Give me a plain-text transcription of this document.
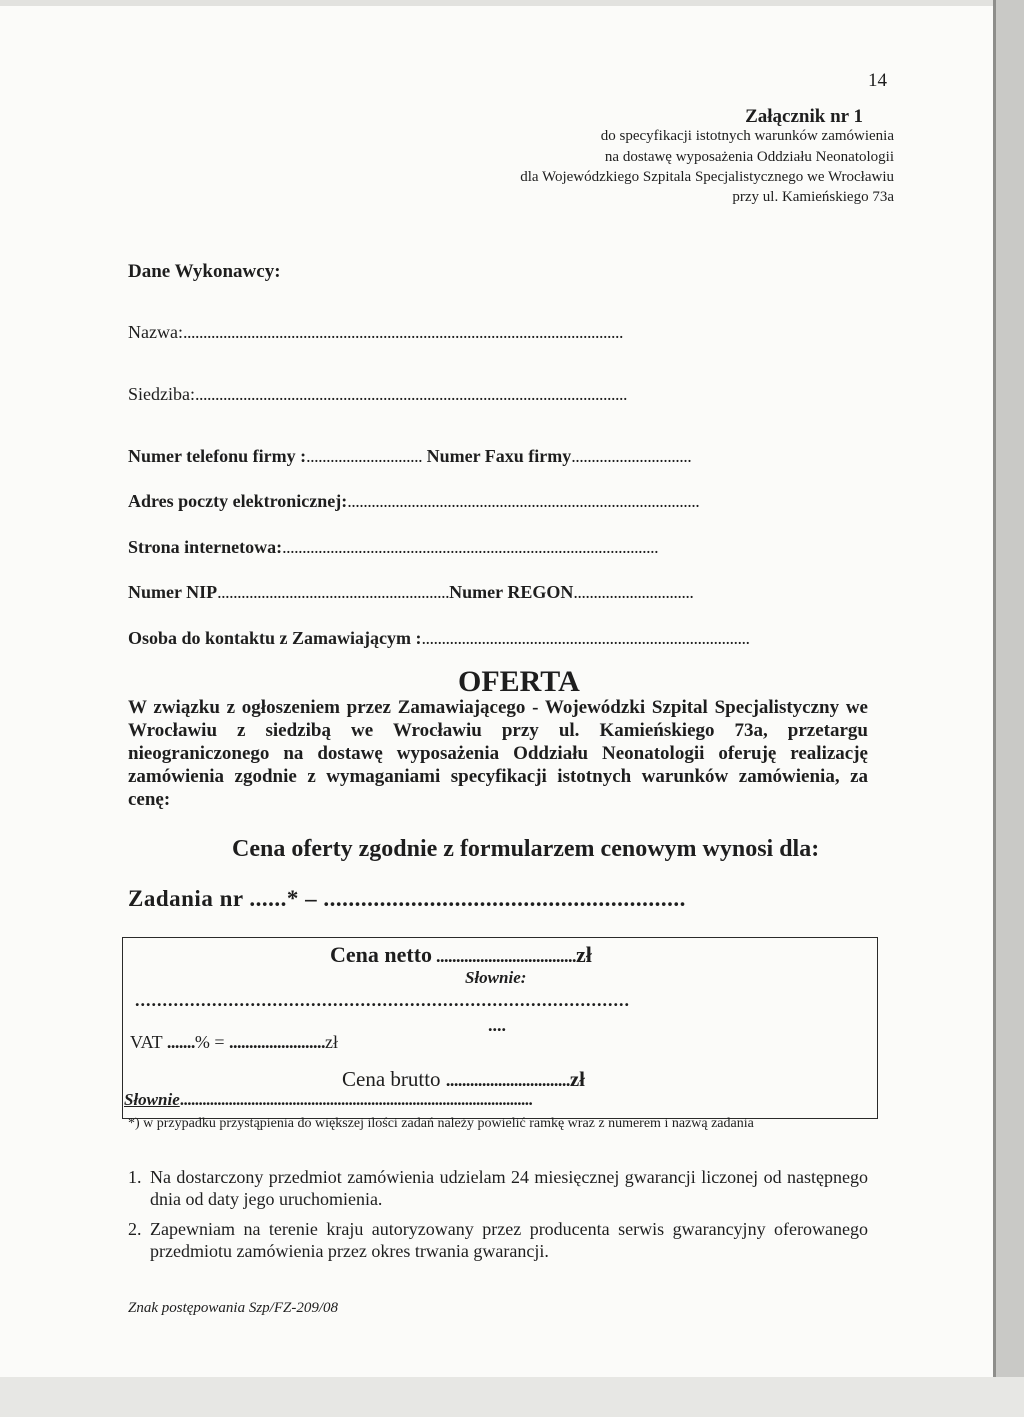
14
Załącznik nr 1
do specyfikacji istotnych warunków zamówienia
na dostawę wyposażenia Oddziału Neonatologii
dla Wojewódzkiego Szpitala Specjalistycznego we Wrocławiu
przy ul. Kamieńskiego 73a
Dane Wykonawcy:
Nazwa:..............................................................................................................
Siedziba:............................................................................................................
Numer telefonu firmy :............................. Numer Faxu firmy..............................
Adres poczty elektronicznej:........................................................................................
Strona internetowa:..............................................................................................
Numer NIP..........................................................Numer REGON..............................
Osoba do kontaktu z Zamawiającym :..................................................................................
OFERTA
W związku z ogłoszeniem przez Zamawiającego - Wojewódzki Szpital Specjalistyczny we Wrocławiu z siedzibą we Wrocławiu przy ul. Kamieńskiego 73a, przetargu nieograniczonego na dostawę wyposażenia Oddziału Neonatologii oferuję realizację zamówienia zgodnie z wymaganiami specyfikacji istotnych warunków zamówienia, za cenę:
Cena oferty zgodnie z formularzem cenowym wynosi dla:
Zadania nr ......* – ..........................................................
Cena netto ...................................zł
Słownie:
..........................................................................................
....
VAT .......% = ........................zł
Cena brutto ...............................zł
Słownie..............................................................................................
*) w przypadku przystąpienia do większej ilości zadań należy powielić ramkę wraz z numerem i nazwą zadania
1. Na dostarczony przedmiot zamówienia udzielam 24 miesięcznej gwarancji liczonej od następnego dnia od daty jego uruchomienia.
2. Zapewniam na terenie kraju autoryzowany przez producenta serwis gwarancyjny oferowanego przedmiotu zamówienia przez okres trwania gwarancji.
Znak postępowania Szp/FZ-209/08
